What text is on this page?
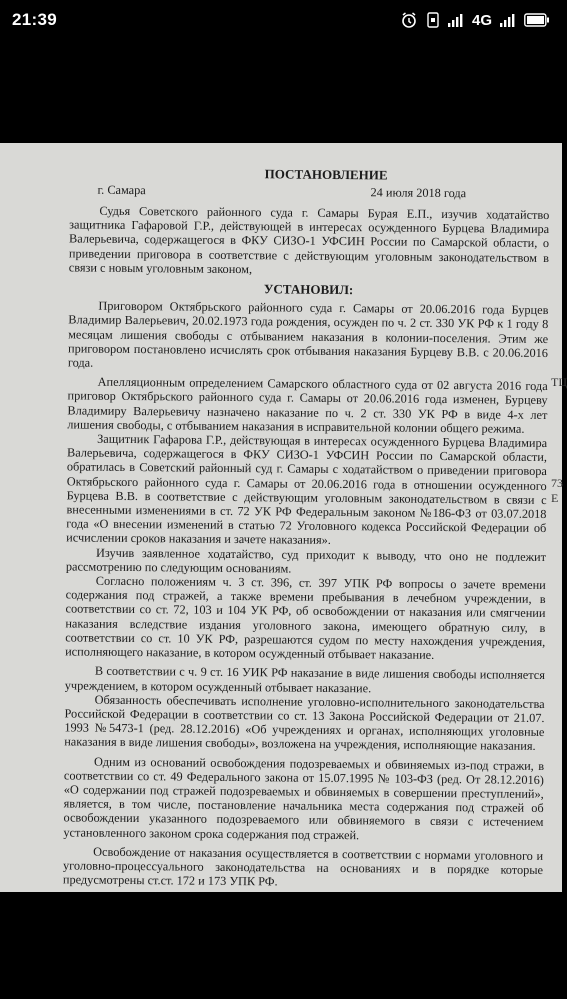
21:39	4G

ПОСТАНОВЛЕНИЕ

г. Самара	24 июля 2018 года

Судья Советского районного суда г. Самары Бурая Е.П., изучив ходатайство защитника Гафаровой Г.Р., действующей в интересах осужденного Бурцева Владимира Валерьевича, содержащегося в ФКУ СИЗО-1 УФСИН России по Самарской области, о приведении приговора в соответствие с действующим уголовным законодательством в связи с новым уголовным законом,

УСТАНОВИЛ:

Приговором Октябрьского районного суда г. Самары от 20.06.2016 года Бурцев Владимир Валерьевич, 20.02.1973 года рождения, осужден по ч. 2 ст. 330 УК РФ к 1 году 8 месяцам лишения свободы с отбыванием наказания в колонии-поселения. Этим же приговором постановлено исчислять срок отбывания наказания Бурцеву В.В. с 20.06.2016 года.

Апелляционным определением Самарского областного суда от 02 августа 2016 года приговор Октябрьского районного суда г. Самары от 20.06.2016 года изменен, Бурцеву Владимиру Валерьевичу назначено наказание по ч. 2 ст. 330 УК РФ в виде 4-х лет лишения свободы, с отбыванием наказания в исправительной колонии общего режима.

Защитник Гафарова Г.Р., действующая в интересах осужденного Бурцева Владимира Валерьевича, содержащегося в ФКУ СИЗО-1 УФСИН России по Самарской области, обратилась в Советский районный суд г. Самары с ходатайством о приведении приговора Октябрьского районного суда г. Самары от 20.06.2016 года в отношении осужденного Бурцева В.В. в соответствие с действующим уголовным законодательством в связи с внесенными изменениями в ст. 72 УК РФ Федеральным законом №186-ФЗ от 03.07.2018 года «О внесении изменений в статью 72 Уголовного кодекса Российской Федерации об исчислении сроков наказания и зачете наказания».

Изучив заявленное ходатайство, суд приходит к выводу, что оно не подлежит рассмотрению по следующим основаниям.

Согласно положениям ч. 3 ст. 396, ст. 397 УПК РФ вопросы о зачете времени содержания под стражей, а также времени пребывания в лечебном учреждении, в соответствии со ст. 72, 103 и 104 УК РФ, об освобождении от наказания или смягчении наказания вследствие издания уголовного закона, имеющего обратную силу, в соответствии со ст. 10 УК РФ, разрешаются судом по месту нахождения учреждения, исполняющего наказание, в котором осужденный отбывает наказание.

В соответствии с ч. 9 ст. 16 УИК РФ наказание в виде лишения свободы исполняется учреждением, в котором осужденный отбывает наказание.

Обязанность обеспечивать исполнение уголовно-исполнительного законодательства Российской Федерации в соответствии со ст. 13 Закона Российской Федерации от 21.07. 1993 №5473-1 (ред. 28.12.2016) «Об учреждениях и органах, исполняющих уголовные наказания в виде лишения свободы», возложена на учреждения, исполняющие наказания.

Одним из оснований освобождения подозреваемых и обвиняемых из-под стражи, в соответствии со ст. 49 Федерального закона от 15.07.1995 № 103-ФЗ (ред. От 28.12.2016) «О содержании под стражей подозреваемых и обвиняемых в совершении преступлений», является, в том числе, постановление начальника места содержания под стражей об освобождении указанного подозреваемого или обвиняемого в связи с истечением установленного законом срока содержания под стражей.

Освобождение от наказания осуществляется в соответствии с нормами уголовного и уголовно-процессуального законодательства на основаниях и в порядке которые предусмотрены ст.ст. 172 и 173 УПК РФ.

ТЦ
73
Е
